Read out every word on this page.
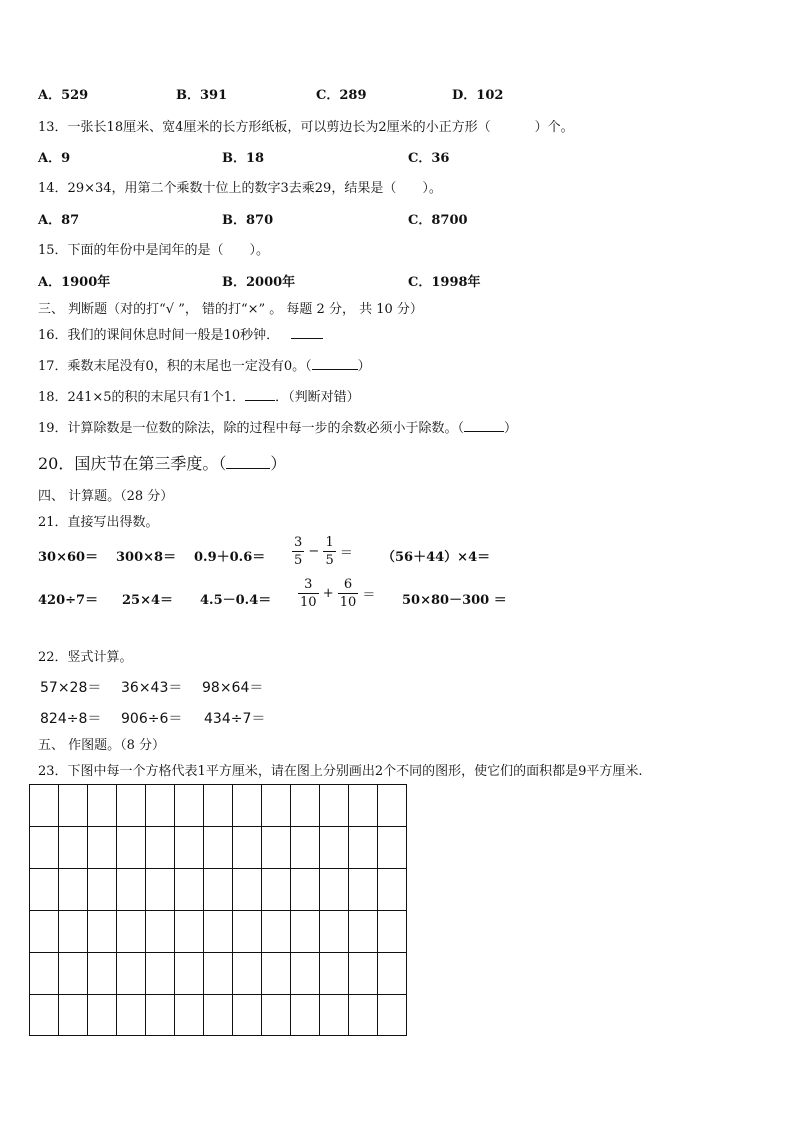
A．529	B．391	C．289	D．102
13．一张长18厘米、宽4厘米的长方形纸板，可以剪边长为2厘米的小正方形（	）个。
A．9	B．18	C．36
14．29×34，用第二个乘数十位上的数字3去乘29，结果是（　　）。
A．87	B．870	C．8700
15．下面的年份中是闰年的是（　　）。
A．1900年	B．2000年	C．1998年
三、 判断题（对的打“√ ”， 错的打“×” 。 每题 2 分， 共 10 分）
16．我们的课间休息时间一般是10秒钟．
17．乘数末尾没有0，积的末尾也一定没有0。（	）
18．241×5的积的末尾只有1个1． ．（判断对错）
19．计算除数是一位数的除法，除的过程中每一步的余数必须小于除数。（	）
20．国庆节在第三季度。（	）
四、 计算题。（28 分）
21．直接写出得数。
$30\times 60= 300\times 8= 0.9+0.6= \frac{3}{5} - \frac{1}{5} = (56+44)\times 4=$
$420\div 7= 25\times 4= 4.5-0.4= \frac{3}{10} + \frac{6}{10} = 50\times 80-300$ ＝
22．竖式计算。
57×28＝ 36×43＝ 98×64＝
824÷8＝ 906÷6＝ 434÷7＝
五、 作图题。（8 分）
23．下图中每一个方格代表1平方厘米，请在图上分别画出2个不同的图形，使它们的面积都是9平方厘米.
